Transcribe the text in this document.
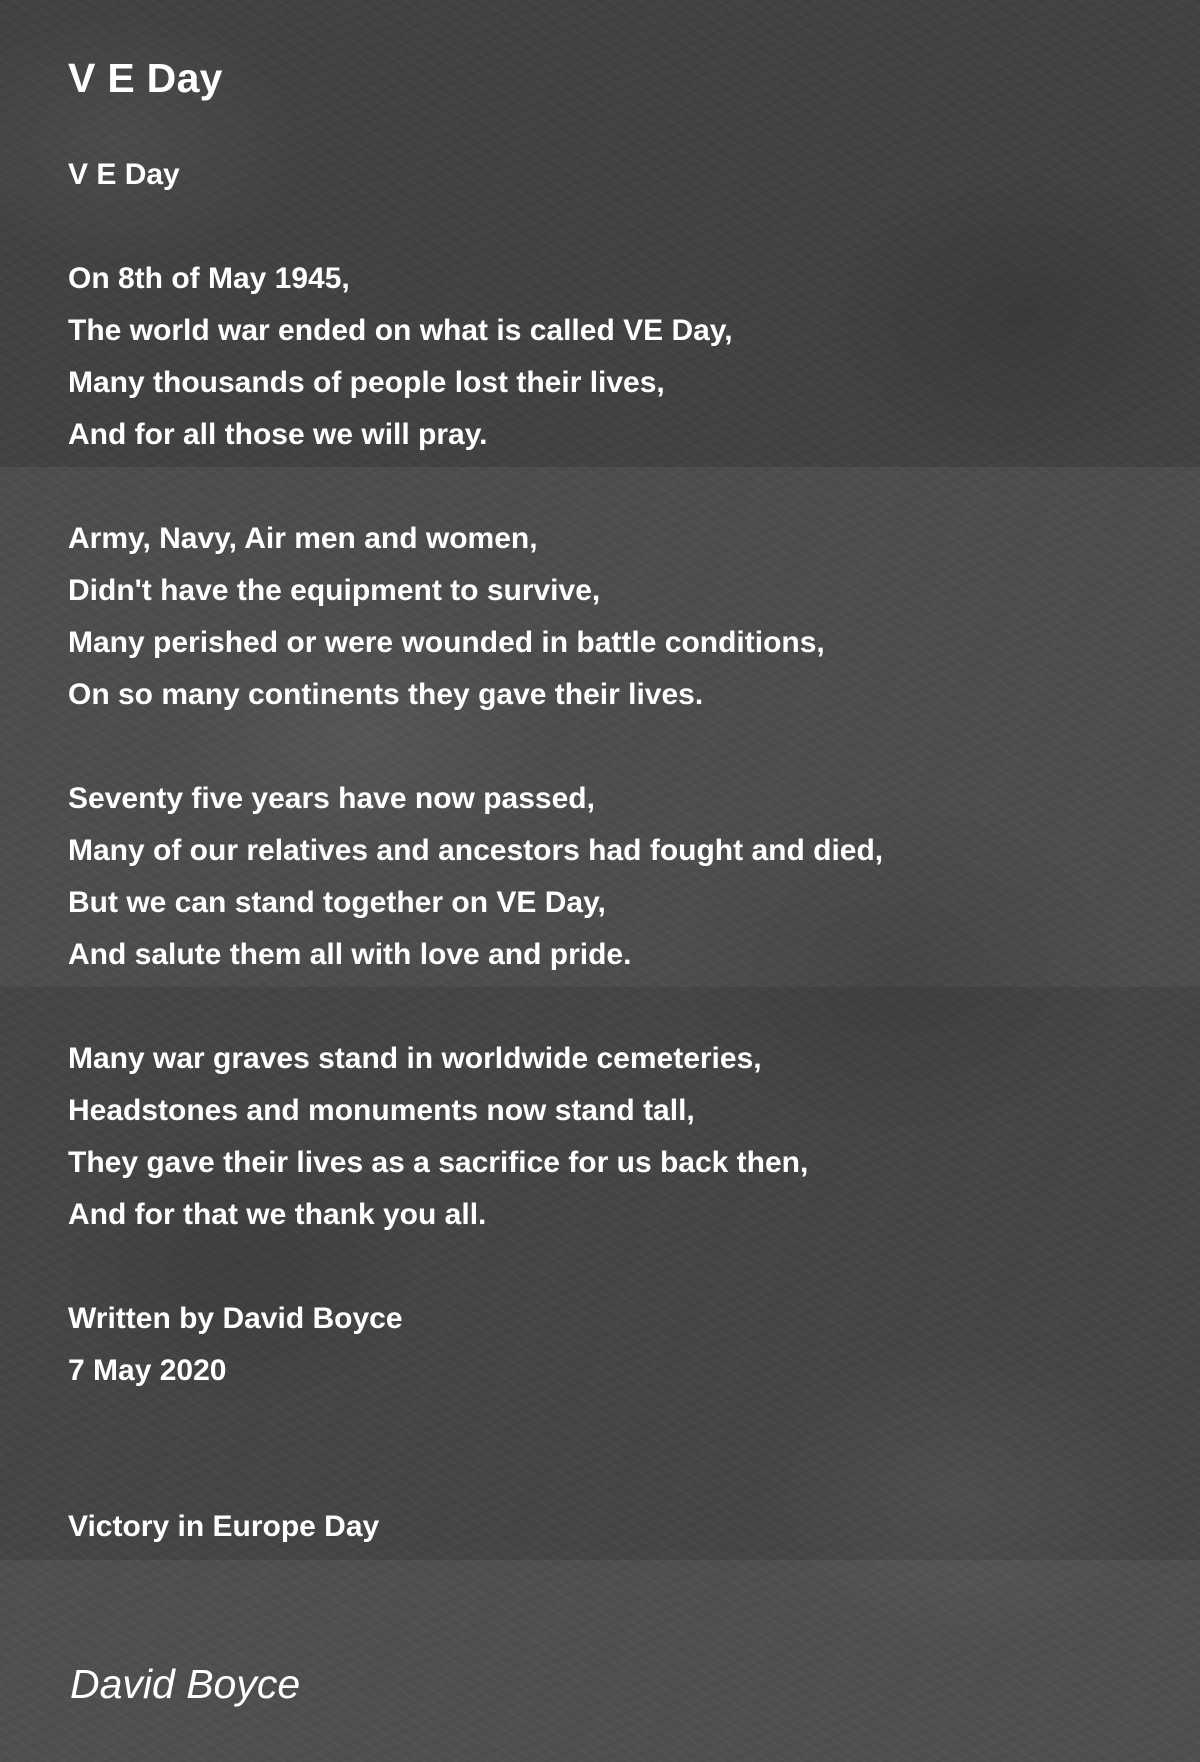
V E Day
V E Day
On 8th of May 1945,
The world war ended on what is called VE Day,
Many thousands of people lost their lives,
And for all those we will pray.
Army, Navy, Air men and women,
Didn't have the equipment to survive,
Many perished or were wounded in battle conditions,
On so many continents they gave their lives.
Seventy five years have now passed,
Many of our relatives and ancestors had fought and died,
But we can stand together on VE Day,
And salute them all with love and pride.
Many war graves stand in worldwide cemeteries,
Headstones and monuments now stand tall,
They gave their lives as a sacrifice for us back then,
And for that we thank you all.
Written by David Boyce
7 May 2020
Victory in Europe Day

David Boyce
